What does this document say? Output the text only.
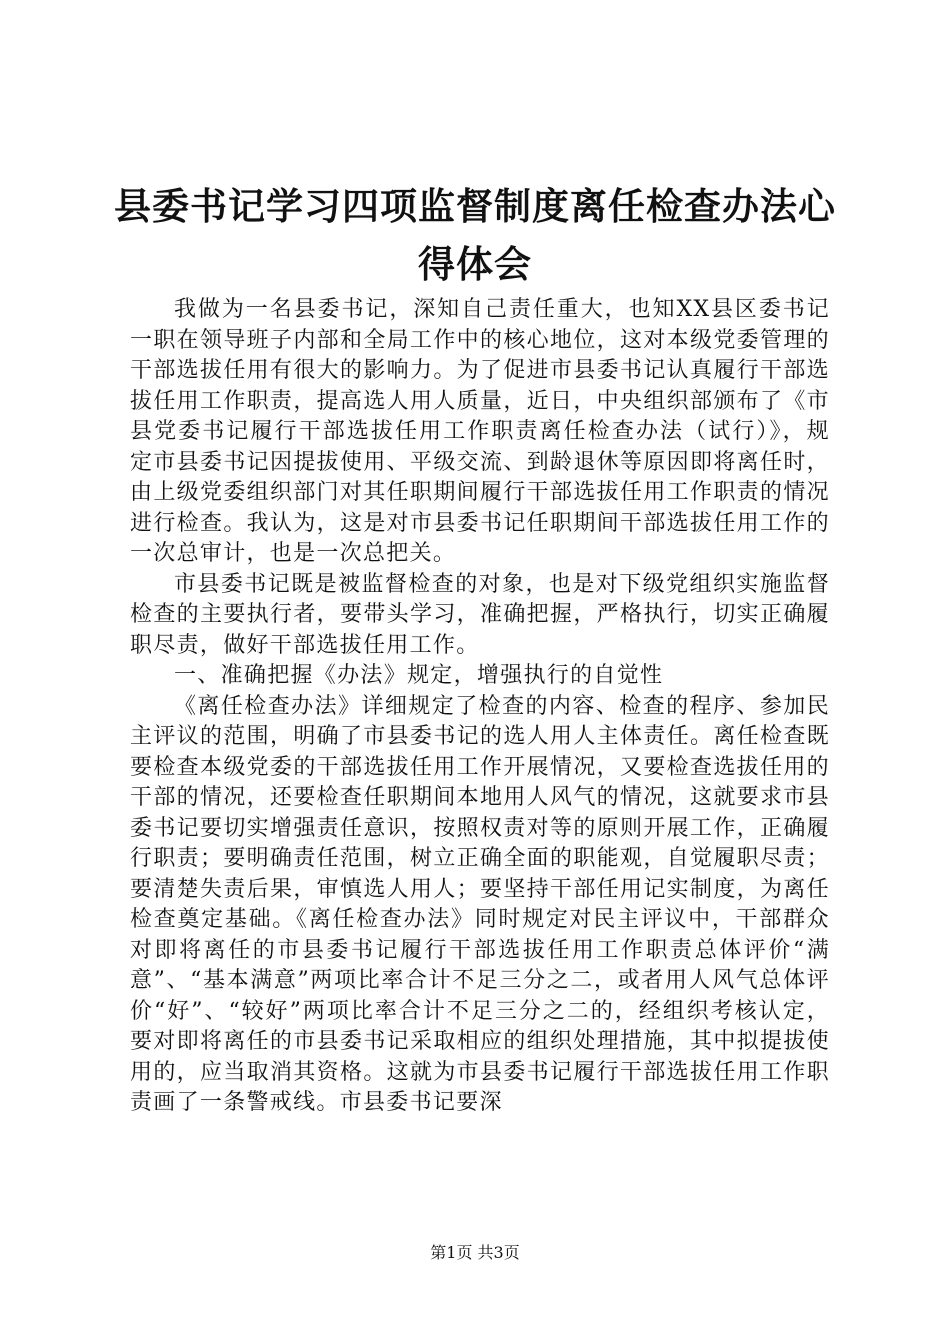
县委书记学习四项监督制度离任检查办法心得体会

我做为一名县委书记，深知自己责任重大，也知XX县区委书记一职在领导班子内部和全局工作中的核心地位，这对本级党委管理的干部选拔任用有很大的影响力。为了促进市县委书记认真履行干部选拔任用工作职责，提高选人用人质量，近日，中央组织部颁布了《市县党委书记履行干部选拔任用工作职责离任检查办法（试行）》，规定市县委书记因提拔使用、平级交流、到龄退休等原因即将离任时，由上级党委组织部门对其任职期间履行干部选拔任用工作职责的情况进行检查。我认为，这是对市县委书记任职期间干部选拔任用工作的一次总审计，也是一次总把关。

市县委书记既是被监督检查的对象，也是对下级党组织实施监督检查的主要执行者，要带头学习，准确把握，严格执行，切实正确履职尽责，做好干部选拔任用工作。

一、准确把握《办法》规定，增强执行的自觉性

《离任检查办法》详细规定了检查的内容、检查的程序、参加民主评议的范围，明确了市县委书记的选人用人主体责任。离任检查既要检查本级党委的干部选拔任用工作开展情况，又要检查选拔任用的干部的情况，还要检查任职期间本地用人风气的情况，这就要求市县委书记要切实增强责任意识，按照权责对等的原则开展工作，正确履行职责；要明确责任范围，树立正确全面的职能观，自觉履职尽责；要清楚失责后果，审慎选人用人；要坚持干部任用记实制度，为离任检查奠定基础。《离任检查办法》同时规定对民主评议中，干部群众对即将离任的市县委书记履行干部选拔任用工作职责总体评价“满意”、“基本满意”两项比率合计不足三分之二，或者用人风气总体评价“好”、“较好”两项比率合计不足三分之二的，经组织考核认定，要对即将离任的市县委书记采取相应的组织处理措施，其中拟提拔使用的，应当取消其资格。这就为市县委书记履行干部选拔任用工作职责画了一条警戒线。市县委书记要深

第1页 共3页
